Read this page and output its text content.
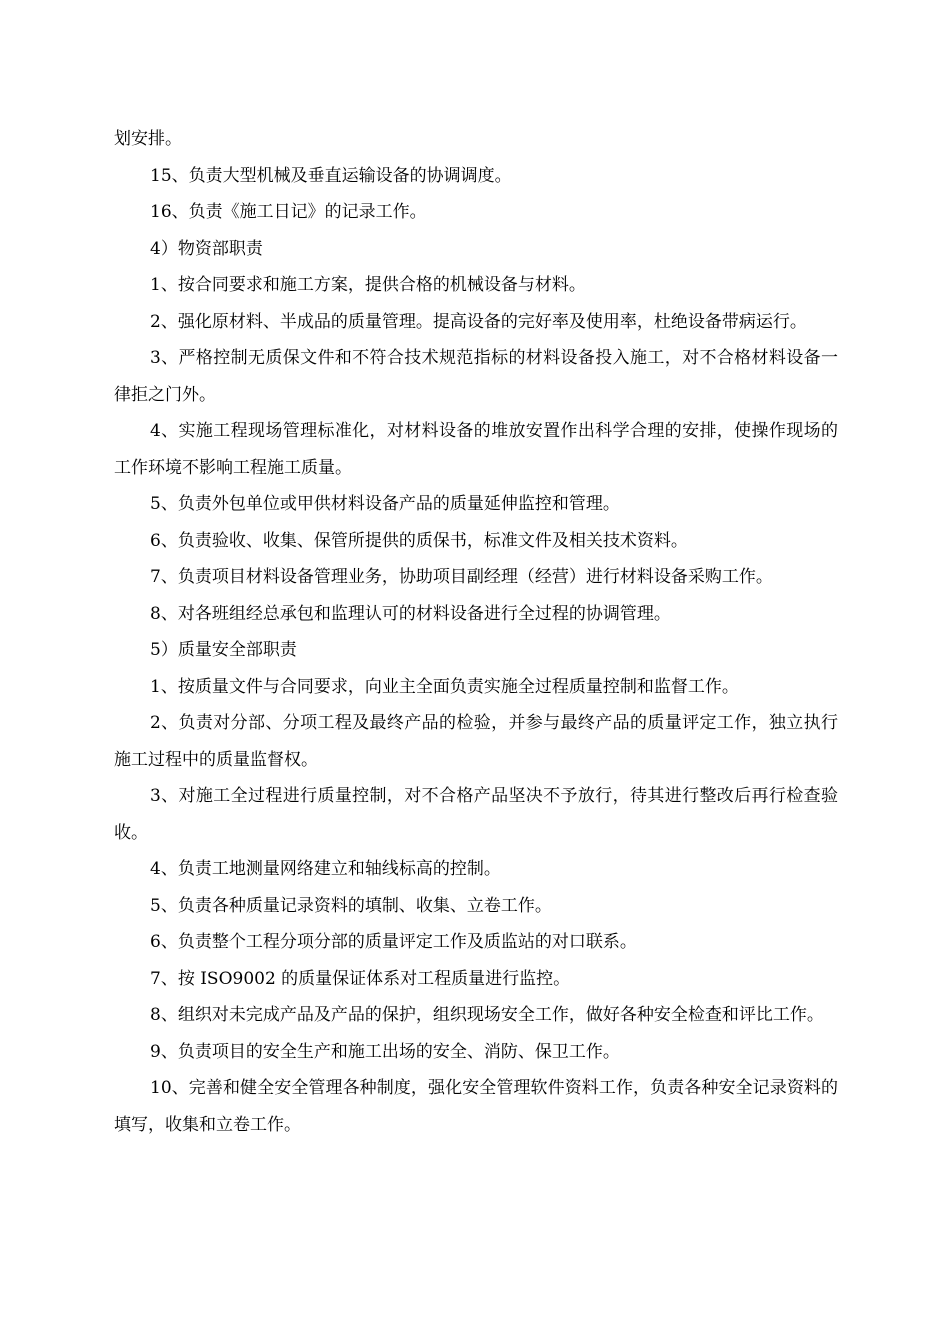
划安排。

15、负责大型机械及垂直运输设备的协调调度。

16、负责《施工日记》的记录工作。

4）物资部职责

1、按合同要求和施工方案，提供合格的机械设备与材料。

2、强化原材料、半成品的质量管理。提高设备的完好率及使用率，杜绝设备带病运行。

3、严格控制无质保文件和不符合技术规范指标的材料设备投入施工，对不合格材料设备一律拒之门外。

4、实施工程现场管理标准化，对材料设备的堆放安置作出科学合理的安排，使操作现场的工作环境不影响工程施工质量。

5、负责外包单位或甲供材料设备产品的质量延伸监控和管理。

6、负责验收、收集、保管所提供的质保书，标准文件及相关技术资料。

7、负责项目材料设备管理业务，协助项目副经理（经营）进行材料设备采购工作。

8、对各班组经总承包和监理认可的材料设备进行全过程的协调管理。

5）质量安全部职责

1、按质量文件与合同要求，向业主全面负责实施全过程质量控制和监督工作。

2、负责对分部、分项工程及最终产品的检验，并参与最终产品的质量评定工作，独立执行施工过程中的质量监督权。

3、对施工全过程进行质量控制，对不合格产品坚决不予放行，待其进行整改后再行检查验收。

4、负责工地测量网络建立和轴线标高的控制。

5、负责各种质量记录资料的填制、收集、立卷工作。

6、负责整个工程分项分部的质量评定工作及质监站的对口联系。

7、按 ISO9002 的质量保证体系对工程质量进行监控。

8、组织对未完成产品及产品的保护，组织现场安全工作，做好各种安全检查和评比工作。

9、负责项目的安全生产和施工出场的安全、消防、保卫工作。

10、完善和健全安全管理各种制度，强化安全管理软件资料工作，负责各种安全记录资料的填写，收集和立卷工作。
